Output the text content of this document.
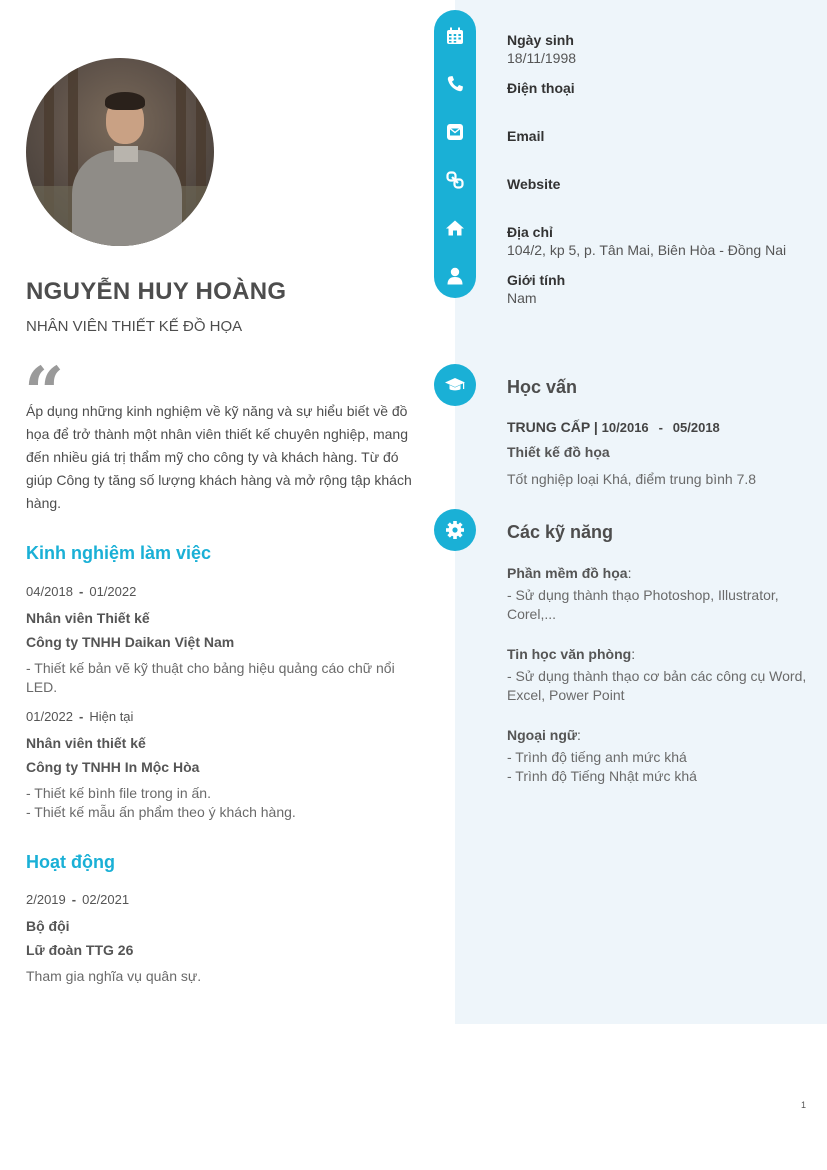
NGUYỄN HUY HOÀNG
NHÂN VIÊN THIẾT KẾ ĐỒ HỌA
“
Áp dụng những kinh nghiệm về kỹ năng và sự hiểu biết về đồ họa để trở thành một nhân viên thiết kế chuyên nghiệp, mang đến nhiều giá trị thẩm mỹ cho công ty và khách hàng. Từ đó giúp Công ty tăng số lượng khách hàng và mở rộng tập khách hàng.
Kinh nghiệm làm việc
04/2018 - 01/2022
Nhân viên Thiết kế
Công ty TNHH Daikan Việt Nam
- Thiết kế bản vẽ kỹ thuật cho bảng hiệu quảng cáo chữ nổi LED.
01/2022 - Hiện tại
Nhân viên thiết kế
Công ty TNHH In Mộc Hòa
- Thiết kế bình file trong in ấn.
- Thiết kế mẫu ấn phẩm theo ý khách hàng.
Hoạt động
2/2019 - 02/2021
Bộ đội
Lữ đoàn TTG 26
Tham gia nghĩa vụ quân sự.
Ngày sinh
18/11/1998
Điện thoại
Email
Website
Địa chỉ
104/2, kp 5, p. Tân Mai, Biên Hòa - Đồng Nai
Giới tính
Nam
Học vấn
TRUNG CẤP | 10/2016 - 05/2018
Thiết kế đồ họa
Tốt nghiệp loại Khá, điểm trung bình 7.8
Các kỹ năng
Phần mềm đồ họa:
- Sử dụng thành thạo Photoshop, Illustrator, Corel,...
Tin học văn phòng:
- Sử dụng thành thạo cơ bản các công cụ Word, Excel, Power Point
Ngoại ngữ:
- Trình độ tiếng anh mức khá
- Trình độ Tiếng Nhật mức khá
1
